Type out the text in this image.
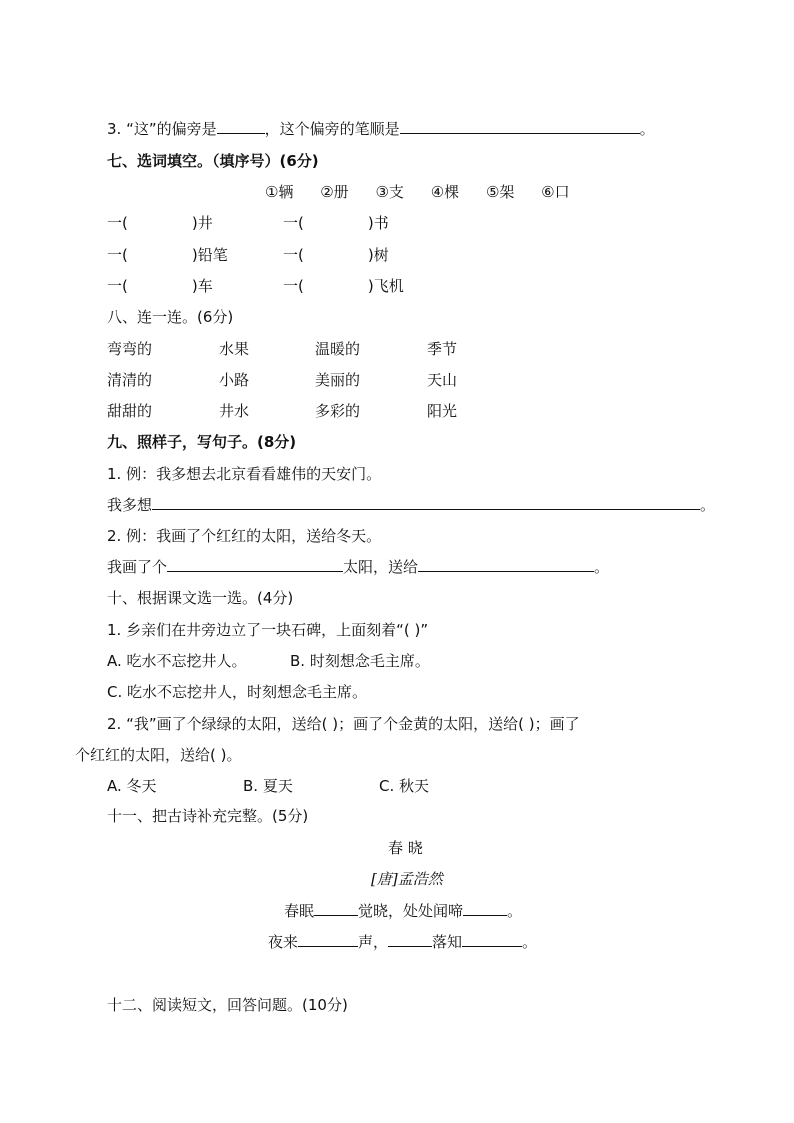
3. “这”的偏旁是	，这个偏旁的笔顺是	。
七、选词填空。（填序号）(6分)
①辆 ②册 ③支 ④棵 ⑤架 ⑥口
一(	)井	一(	)书
一(	)铅笔	一(	)树
一(	)车	一(	)飞机
八、连一连。(6分)
弯弯的	水果	温暖的	季节
清清的	小路	美丽的	天山
甜甜的	井水	多彩的	阳光
九、照样子，写句子。(8分)
1. 例：我多想去北京看看雄伟的天安门。
我多想	。
2. 例：我画了个红红的太阳，送给冬天。
我画了个	太阳，送给	。
十、根据课文选一选。(4分)
1. 乡亲们在井旁边立了一块石碑，上面刻着“( )”
A. 吃水不忘挖井人。	B. 时刻想念毛主席。
C. 吃水不忘挖井人，时刻想念毛主席。
2. “我”画了个绿绿的太阳，送给( )；画了个金黄的太阳，送给( )；画了
个红红的太阳，送给( )。
A. 冬天	B. 夏天	C. 秋天
十一、把古诗补充完整。(5分)
春 晓
[唐]孟浩然
春眠	觉晓，处处闻啼	。
夜来	声，	落知	。
十二、阅读短文，回答问题。(10分)
